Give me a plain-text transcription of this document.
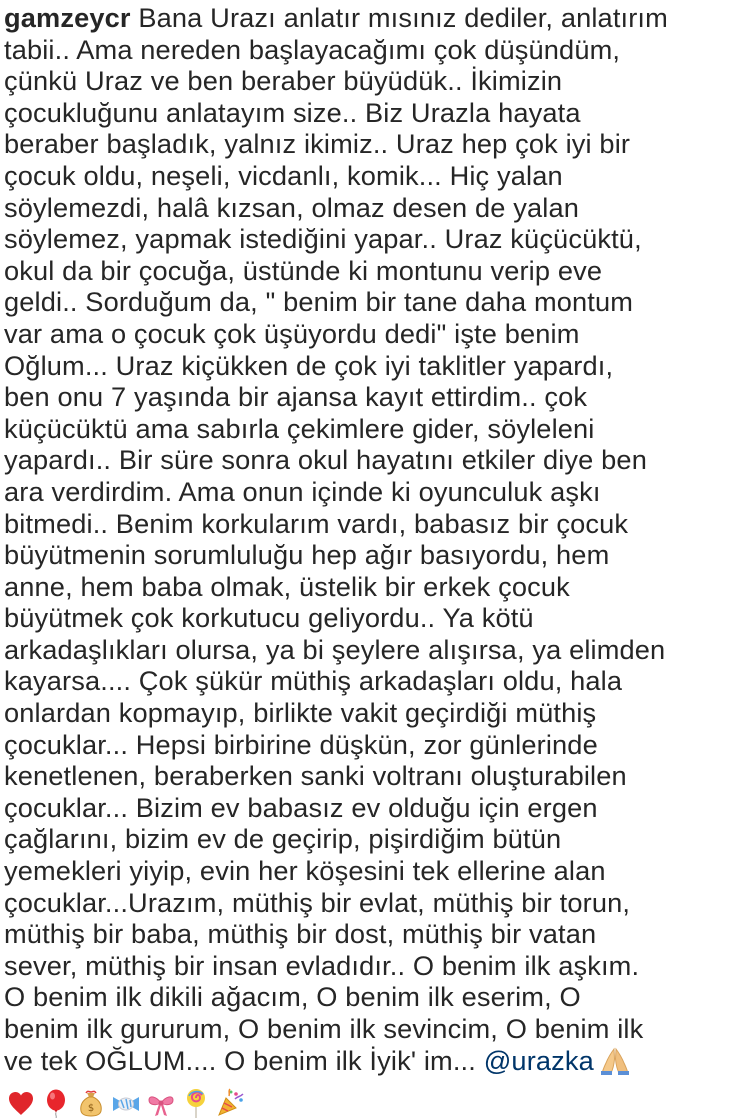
gamzeycr Bana Urazı anlatır mısınız dediler, anlatırım
tabii.. Ama nereden başlayacağımı çok düşündüm,
çünkü Uraz ve ben beraber büyüdük.. İkimizin
çocukluğunu anlatayım size.. Biz Urazla hayata
beraber başladık, yalnız ikimiz.. Uraz hep çok iyi bir
çocuk oldu, neşeli, vicdanlı, komik... Hiç yalan
söylemezdi, halâ kızsan, olmaz desen de yalan
söylemez, yapmak istediğini yapar.. Uraz küçücüktü,
okul da bir çocuğa, üstünde ki montunu verip eve
geldi.. Sorduğum da, " benim bir tane daha montum
var ama o çocuk çok üşüyordu dedi" işte benim
Oğlum... Uraz kiçükken de çok iyi taklitler yapardı,
ben onu 7 yaşında bir ajansa kayıt ettirdim.. çok
küçücüktü ama sabırla çekimlere gider, söyleleni
yapardı.. Bir süre sonra okul hayatını etkiler diye ben
ara verdirdim. Ama onun içinde ki oyunculuk aşkı
bitmedi.. Benim korkularım vardı, babasız bir çocuk
büyütmenin sorumluluğu hep ağır basıyordu, hem
anne, hem baba olmak, üstelik bir erkek çocuk
büyütmek çok korkutucu geliyordu.. Ya kötü
arkadaşlıkları olursa, ya bi şeylere alışırsa, ya elimden
kayarsa.... Çok şükür müthiş arkadaşları oldu, hala
onlardan kopmayıp, birlikte vakit geçirdiği müthiş
çocuklar... Hepsi birbirine düşkün, zor günlerinde
kenetlenen, beraberken sanki voltranı oluşturabilen
çocuklar... Bizim ev babasız ev olduğu için ergen
çağlarını, bizim ev de geçirip, pişirdiğim bütün
yemekleri yiyip, evin her köşesini tek ellerine alan
çocuklar...Urazım, müthiş bir evlat, müthiş bir torun,
müthiş bir baba, müthiş bir dost, müthiş bir vatan
sever, müthiş bir insan evladıdır.. O benim ilk aşkım.
O benim ilk dikili ağacım, O benim ilk eserim, O
benim ilk gururum, O benim ilk sevincim, O benim ilk
ve tek OĞLUM.... O benim ilk İyik' im... @urazka
$
